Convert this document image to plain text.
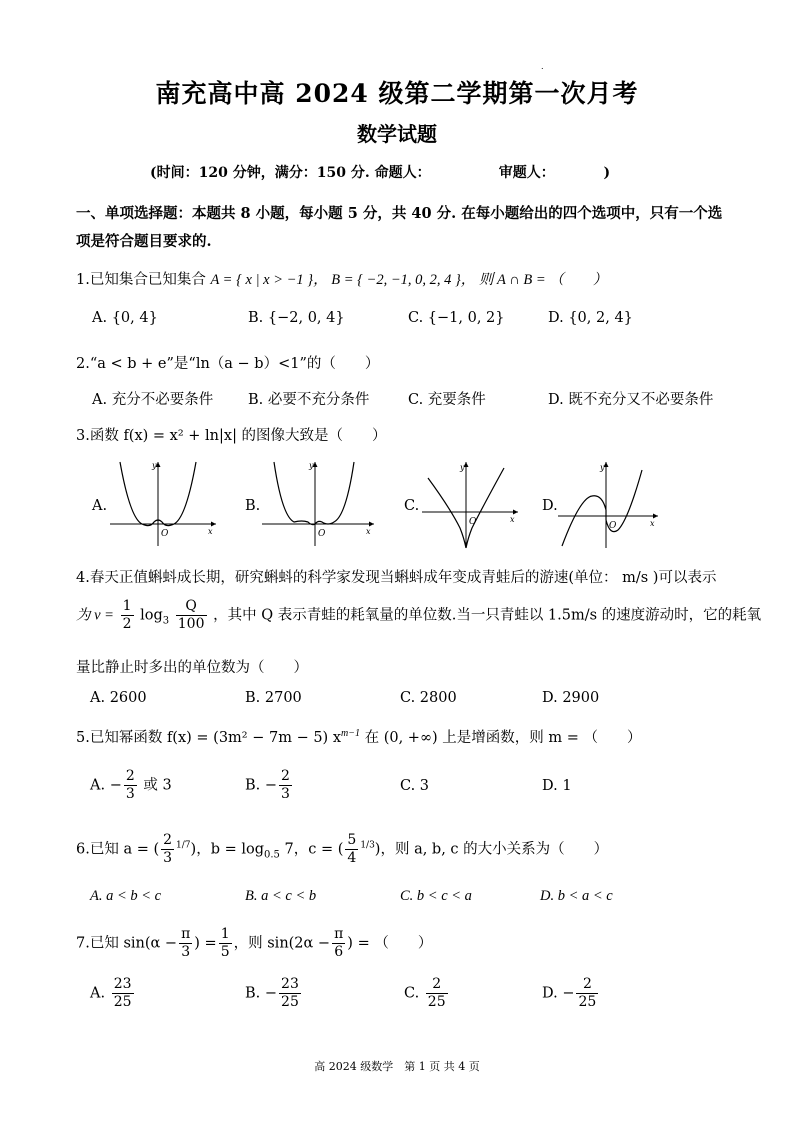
.
南充高中高 2024 级第二学期第一次月考
数学试题
(时间：120 分钟，满分：150 分. 命题人：              审题人：          )
一、单项选择题：本题共 8 小题，每小题 5 分，共 40 分. 在每小题给出的四个选项中，只有一个选项是符合题目要求的.
1.已知集合已知集合 A = { x | x > −1 }， B = { −2, −1, 0, 2, 4 }， 则 A ∩ B = （　　）
A. {0, 4}	B. {−2, 0, 4}	C. {−1, 0, 2}	D. {0, 2, 4}
2.“a < b + e”是“ln（a − b）<1”的（　　）
A. 充分不必要条件 B. 必要不充分条件	C. 充要条件	D. 既不充分又不必要条件
3.函数 f(x) = x² + ln|x| 的图像大致是（　　）
A.
y
x
O
B.
y
x
O
C.
y
x
O
D.
y
x
O
4.春天正值蝌蚪成长期，研究蝌蚪的科学家发现当蝌蚪成年变成青蛙后的游速(单位： m/s )可以表示
为 $v = \frac{1}{2} \log_3 \frac{Q}{100}$ ，其中 Q 表示青蛙的耗氧量的单位数.当一只青蛙以 1.5m/s 的速度游动时，它的耗氧
量比静止时多出的单位数为（　　）
A. 2600	B. 2700	C. 2800	D. 2900
5.已知幂函数 f(x) = (3m² − 7m − 5) $x^{m-1}$ 在 (0, +∞) 上是增函数，则 m = （　　）
A. − $\frac{2}{3}$ 或 3	B. − $\frac{2}{3}$	C. 3	D. 1
6.已知 a = ( $\frac{2}{3} ^{1/7}$)，$b = \log_{0.5} 7$，c = ( $\frac{5}{4} ^{1/3}$)，则 a, b, c 的大小关系为（　　）
A. a < b < c	B. a < c < b	C. b < c < a	D. b < a < c
7.已知 $\sin(\alpha - \frac{\pi}{3}$ ) = $\frac{1}{5}$ ，则 $\sin(2\alpha - \frac{\pi}{6}$ ) = （　　）
A. $\frac{23}{25}$	B. − $\frac{23}{25}$	C. $\frac{2}{25}$	D. − $\frac{2}{25}$
高 2024 级数学　第 1 页 共 4 页
